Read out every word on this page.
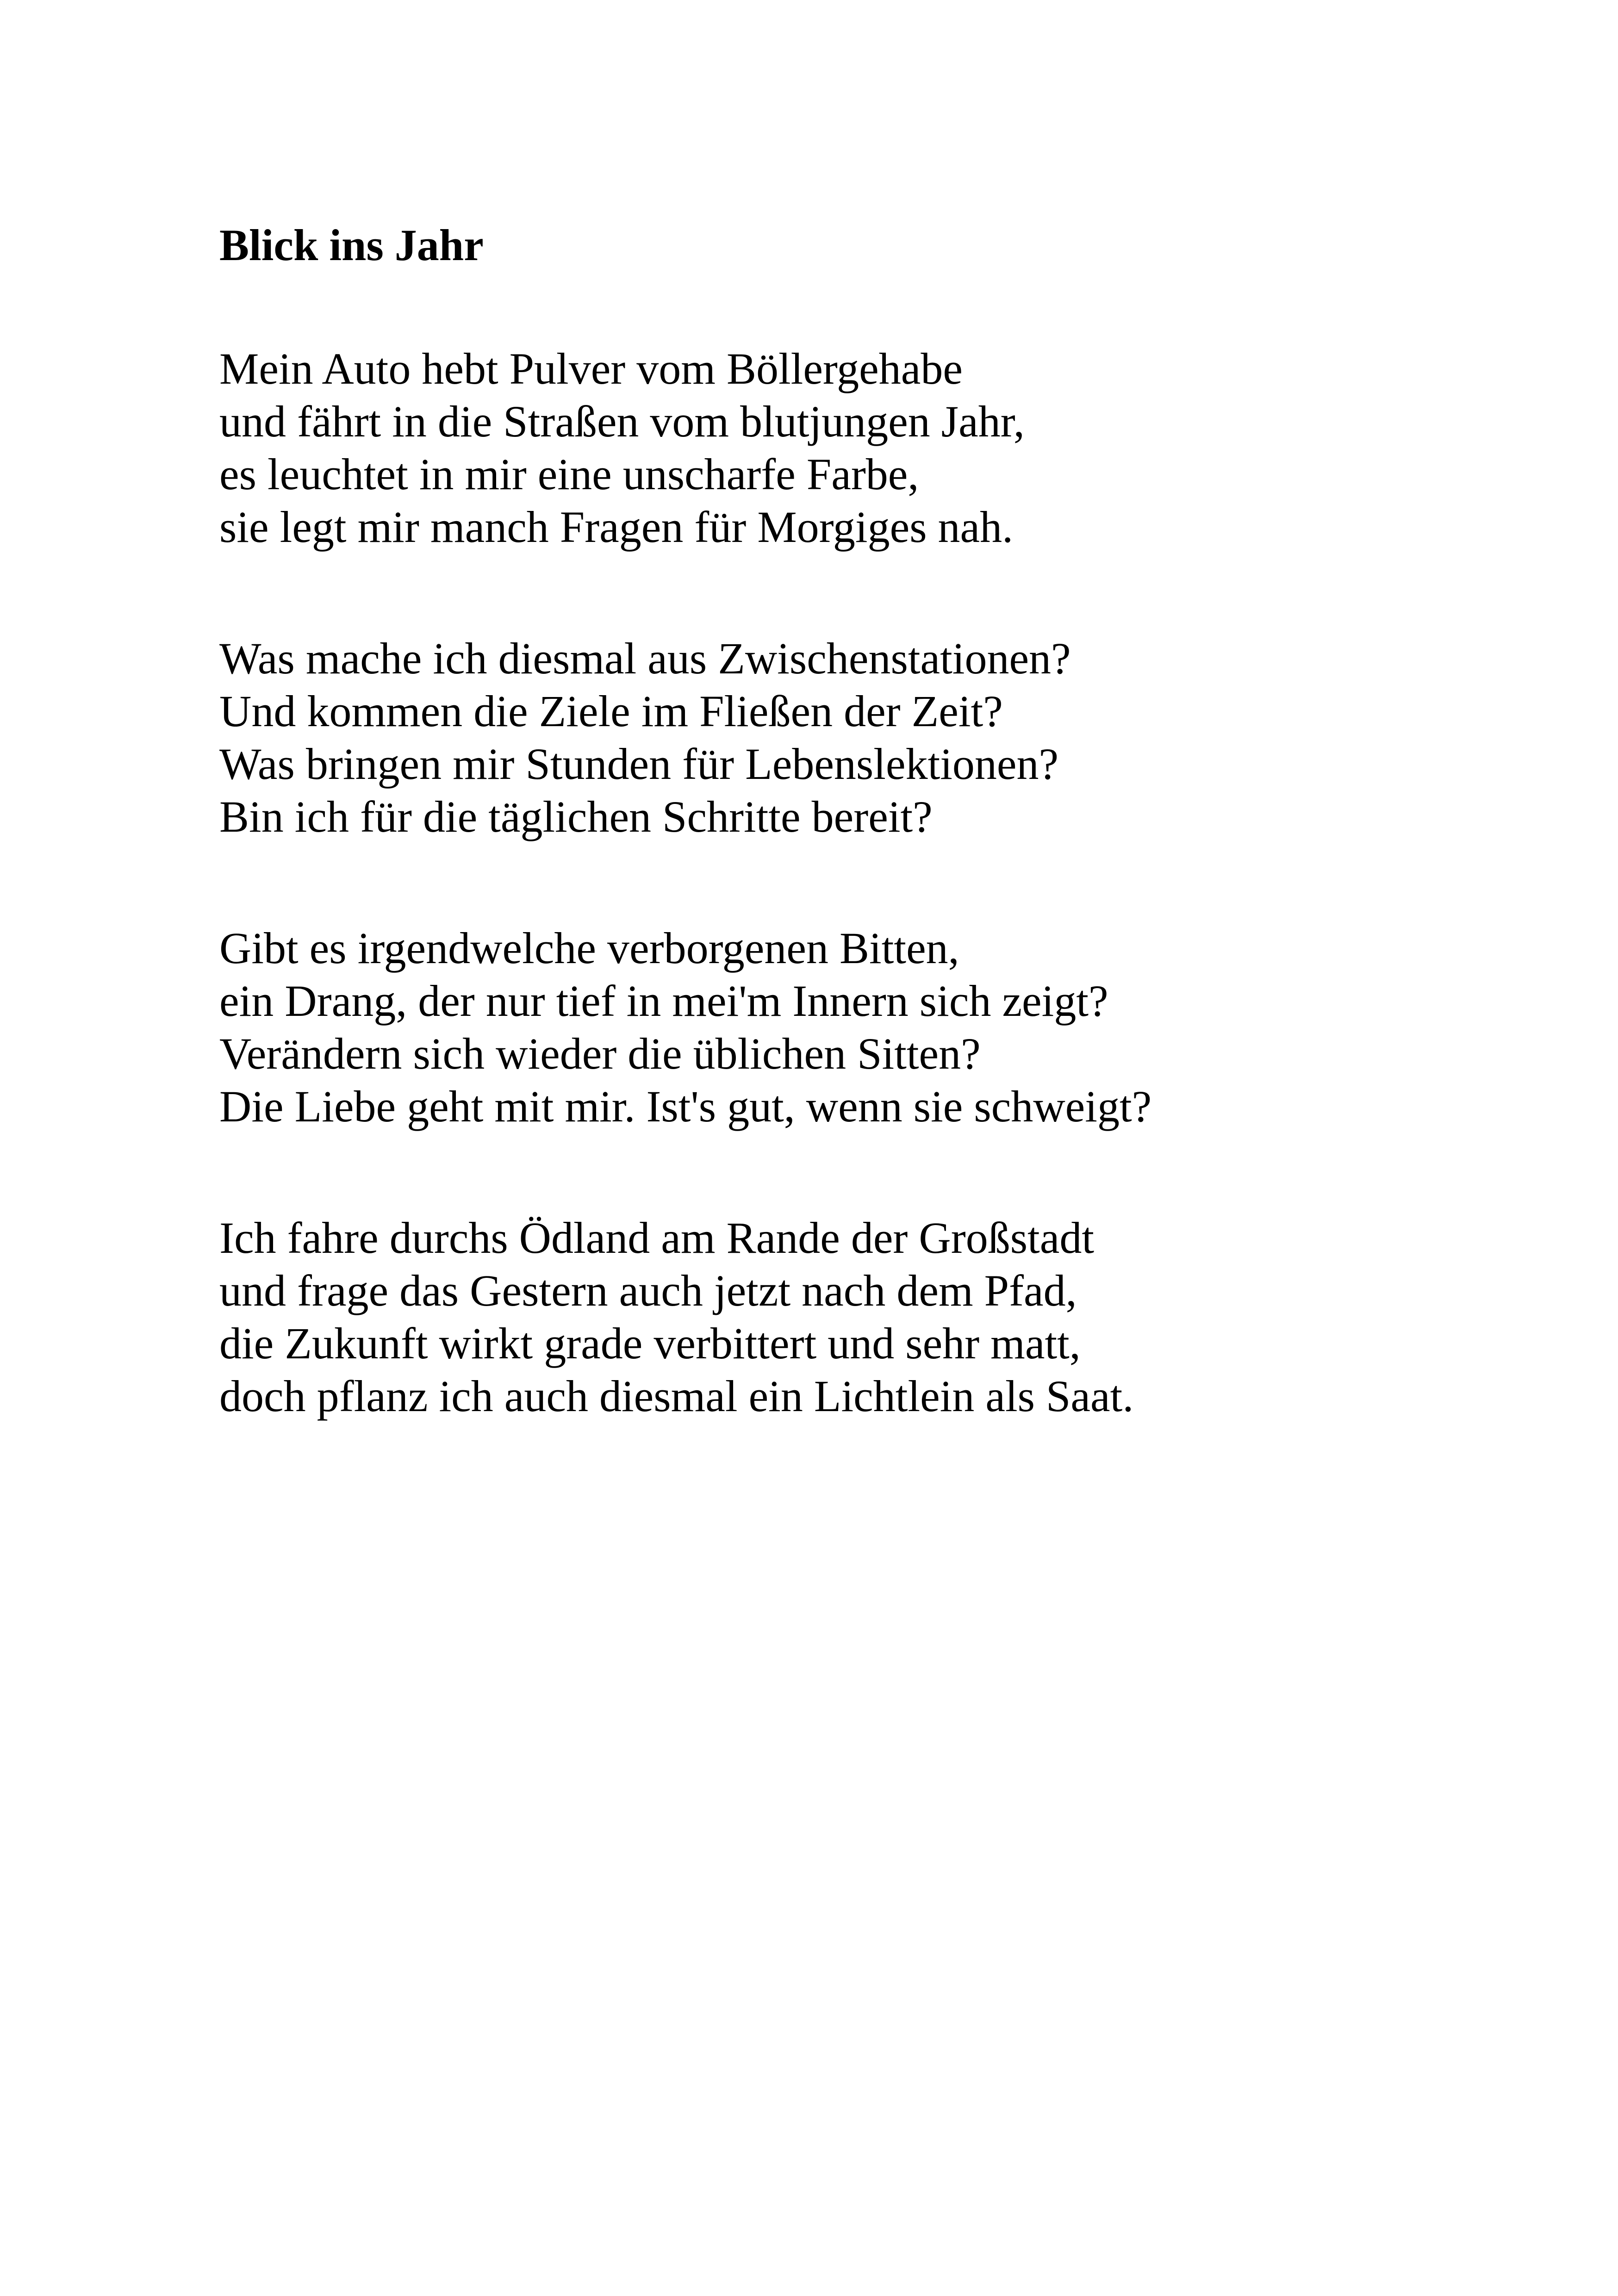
Blick ins Jahr
Mein Auto hebt Pulver vom Böllergehabe
und fährt in die Straßen vom blutjungen Jahr,
es leuchtet in mir eine unscharfe Farbe,
sie legt mir manch Fragen für Morgiges nah.
Was mache ich diesmal aus Zwischenstationen?
Und kommen die Ziele im Fließen der Zeit?
Was bringen mir Stunden für Lebenslektionen?
Bin ich für die täglichen Schritte bereit?
Gibt es irgendwelche verborgenen Bitten,
ein Drang, der nur tief in mei'm Innern sich zeigt?
Verändern sich wieder die üblichen Sitten?
Die Liebe geht mit mir. Ist's gut, wenn sie schweigt?
Ich fahre durchs Ödland am Rande der Großstadt
und frage das Gestern auch jetzt nach dem Pfad,
die Zukunft wirkt grade verbittert und sehr matt,
doch pflanz ich auch diesmal ein Lichtlein als Saat.
